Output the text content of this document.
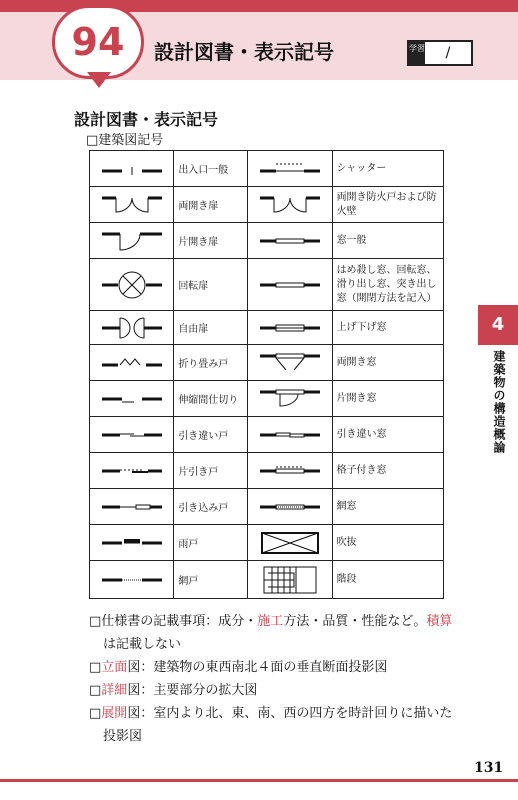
94 設計図書・表示記号	学習	/
設計図書・表示記号
□建築図記号
	出入口一般		シャッター

	両開き扉		両開き防火戸および防火壁

	片開き扉		窓一般

	回転扉		はめ殺し窓、回転窓、滑り出し窓、突き出し窓（開閉方法を記入）

	自由扉		上げ下げ窓

	折り畳み戸		両開き窓

	伸縮間仕切り		片開き窓

	引き違い戸		引き違い窓

	片引き戸		格子付き窓

	引き込み戸		網窓

	雨戸		吹抜

	網戸		階段

□仕様書の記載事項：成分・施工方法・品質・性能など。積算

は記載しない

□立面図：建築物の東西南北４面の垂直断面投影図

□詳細図：主要部分の拡大図

□展開図：室内より北、東、南、西の四方を時計回りに描いた

投影図

4
建築物の構造概論
131
